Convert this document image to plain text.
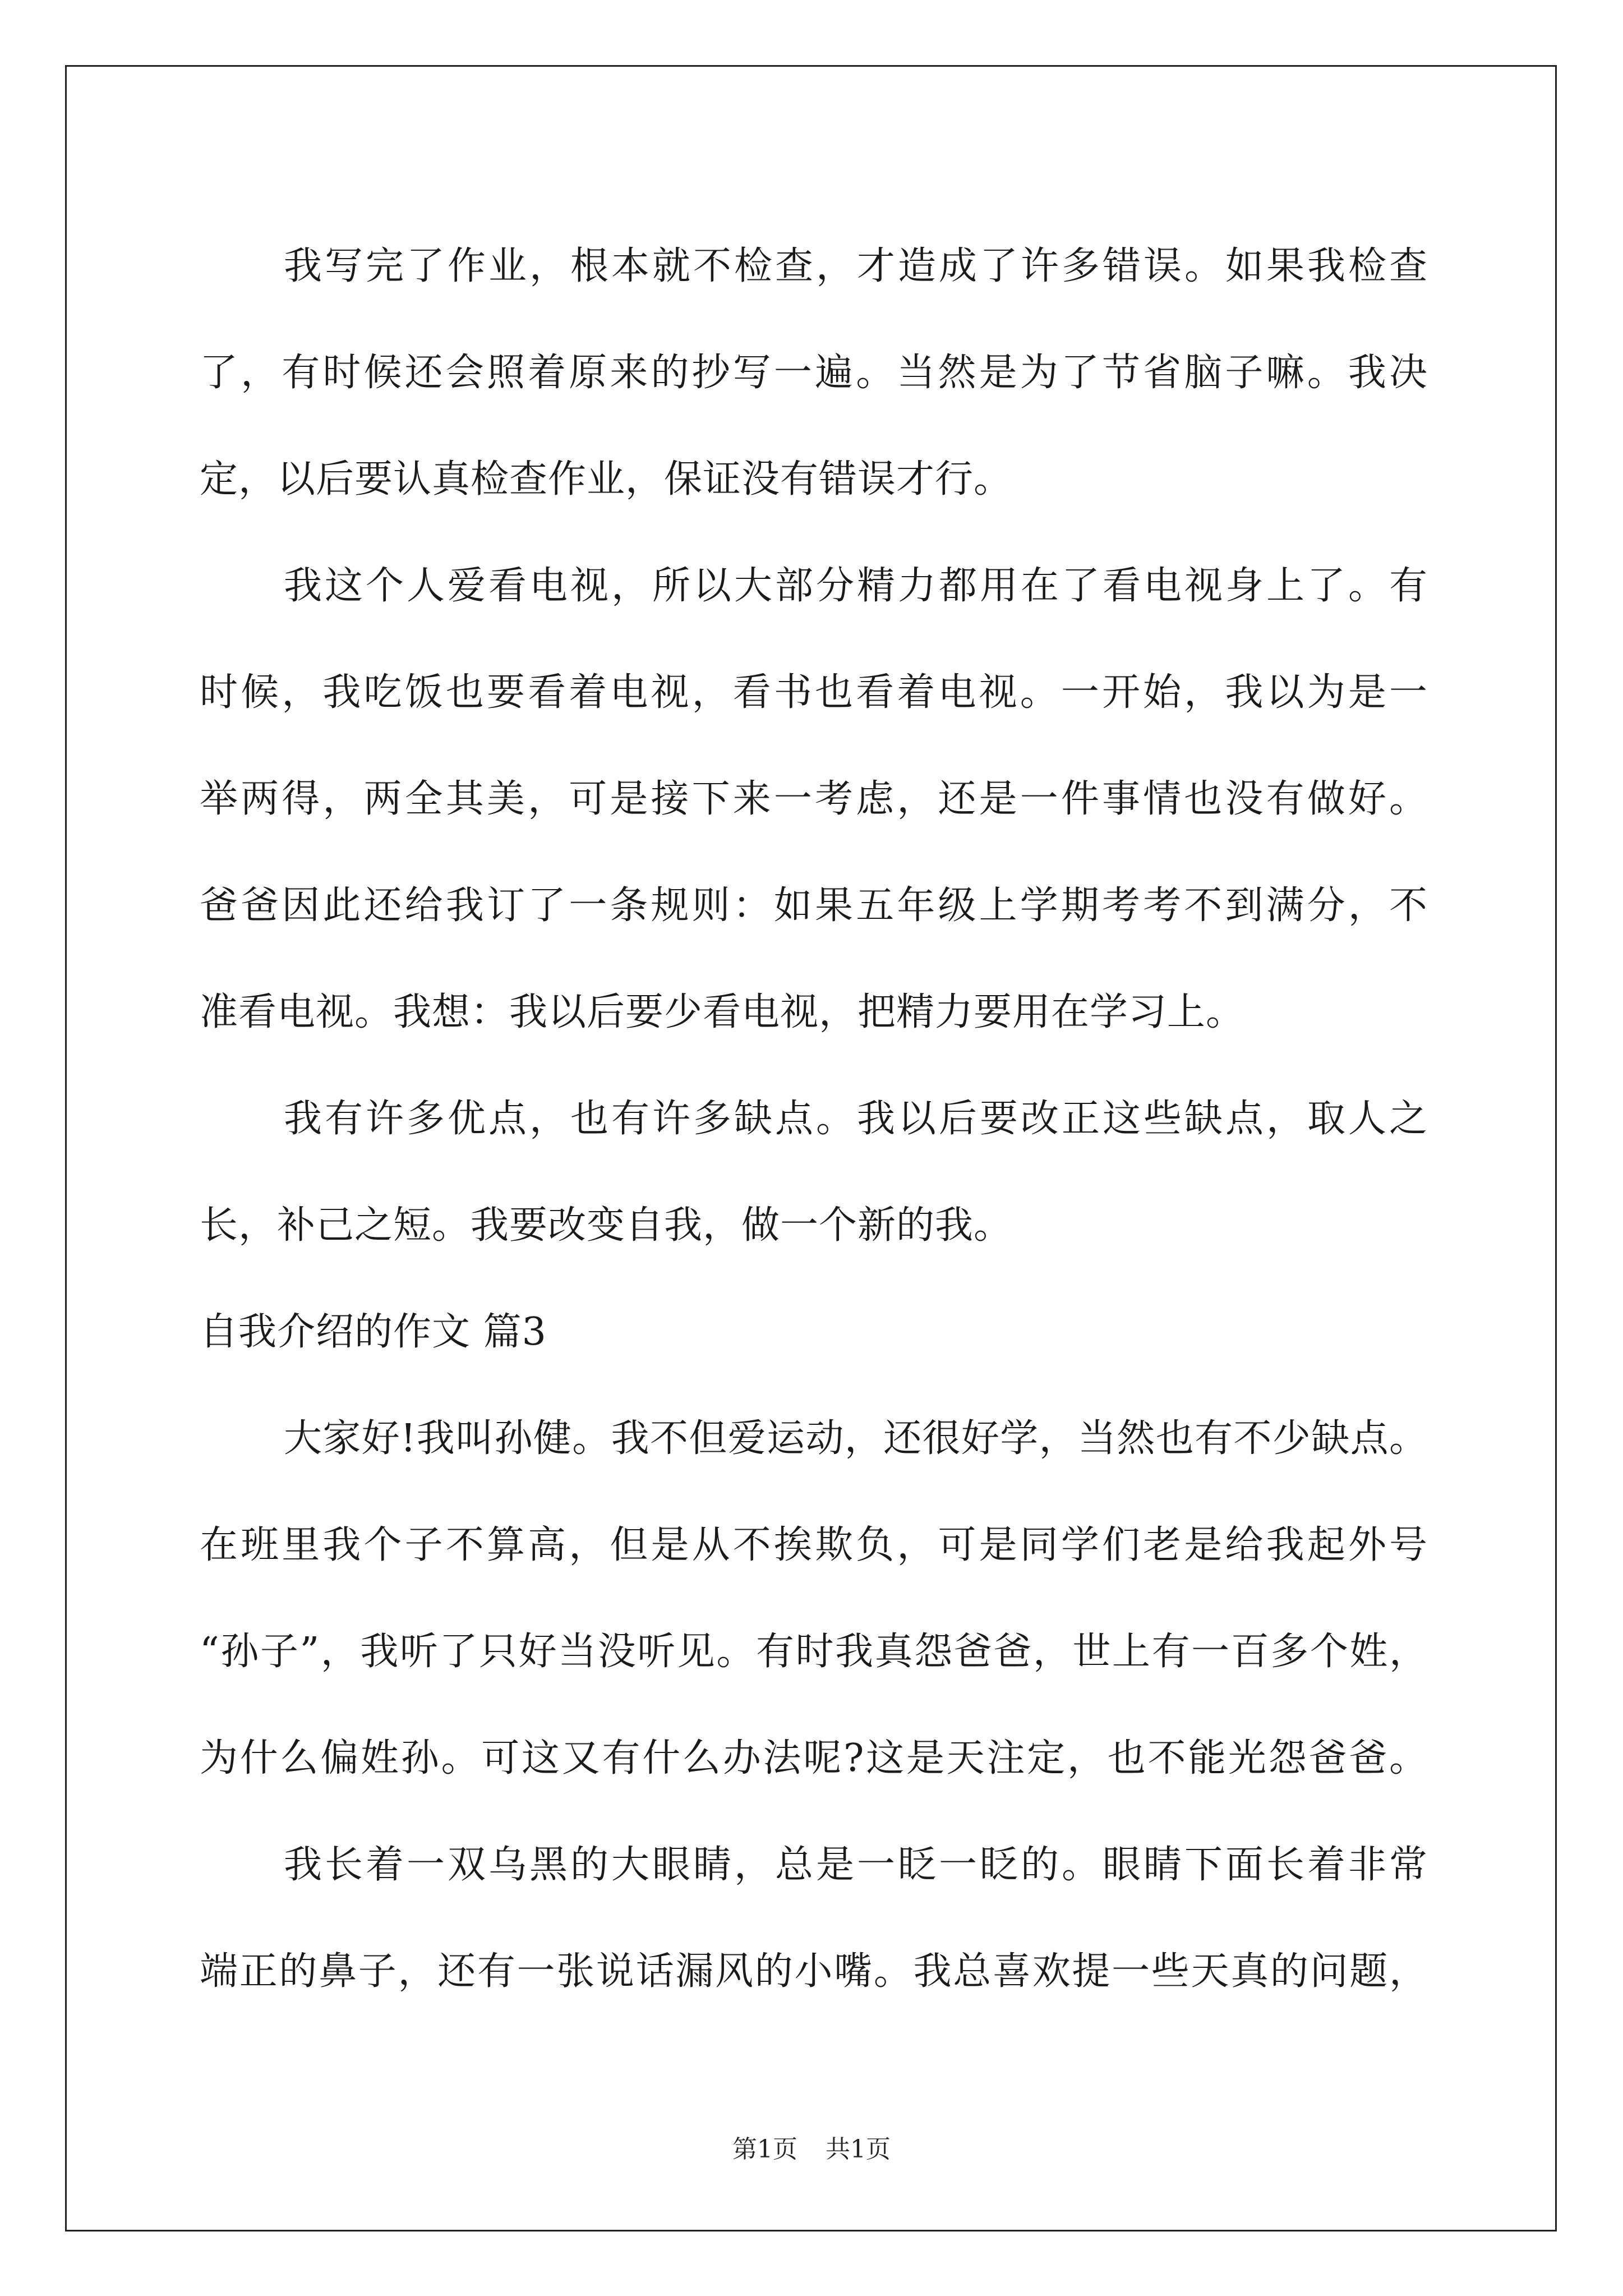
我写完了作业，根本就不检查，才造成了许多错误。如果我检查
了，有时候还会照着原来的抄写一遍。当然是为了节省脑子嘛。我决
定，以后要认真检查作业，保证没有错误才行。
我这个人爱看电视，所以大部分精力都用在了看电视身上了。有
时候，我吃饭也要看着电视，看书也看着电视。一开始，我以为是一
举两得，两全其美，可是接下来一考虑，还是一件事情也没有做好。
爸爸因此还给我订了一条规则：如果五年级上学期考考不到满分，不
准看电视。我想：我以后要少看电视，把精力要用在学习上。
我有许多优点，也有许多缺点。我以后要改正这些缺点，取人之
长，补己之短。我要改变自我，做一个新的我。
自我介绍的作文 篇3
大家好!我叫孙健。我不但爱运动，还很好学，当然也有不少缺点。
在班里我个子不算高，但是从不挨欺负，可是同学们老是给我起外号
“孙子”，我听了只好当没听见。有时我真怨爸爸，世上有一百多个姓，
为什么偏姓孙。可这又有什么办法呢?这是天注定，也不能光怨爸爸。
我长着一双乌黑的大眼睛，总是一眨一眨的。眼睛下面长着非常
端正的鼻子，还有一张说话漏风的小嘴。我总喜欢提一些天真的问题，
第1页 共1页
